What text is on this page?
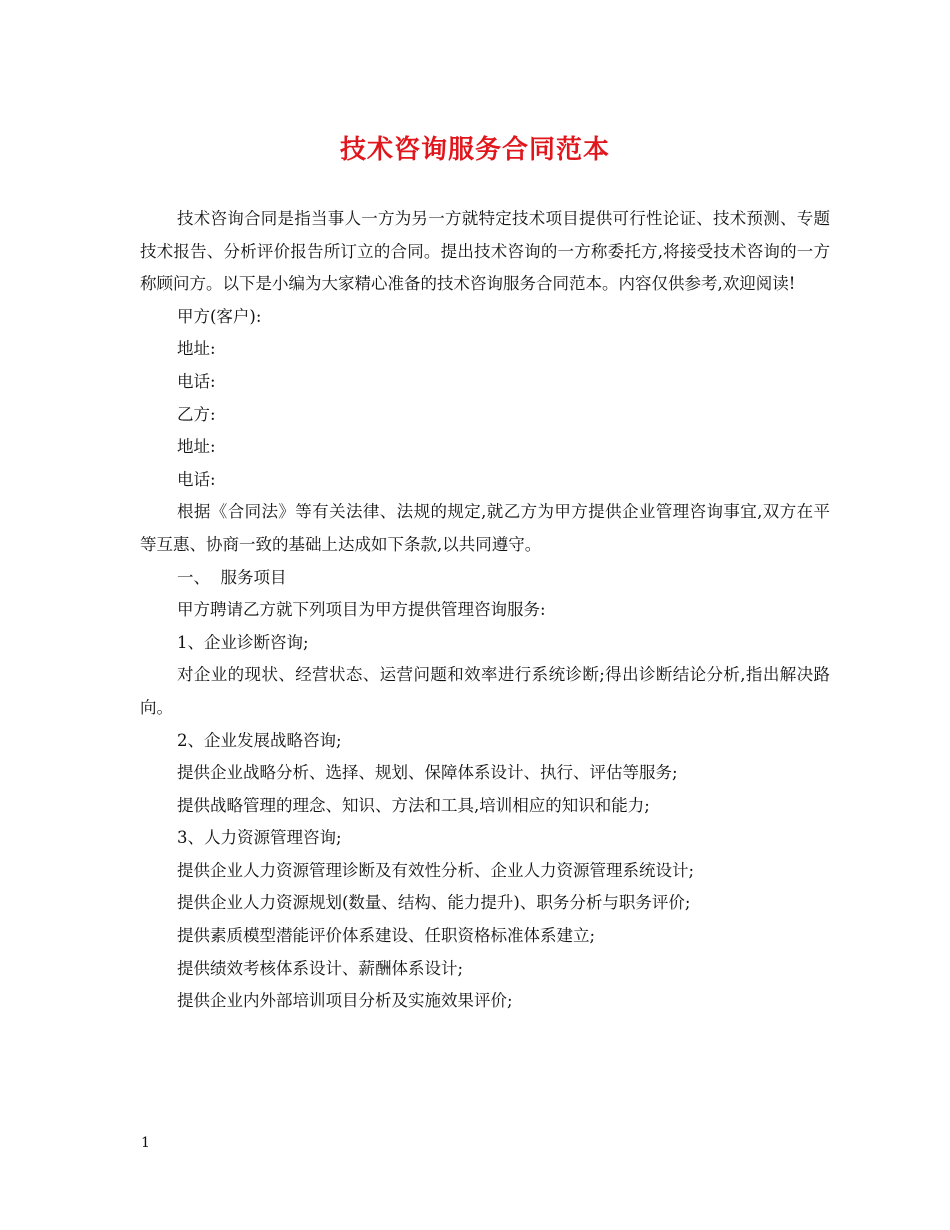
技术咨询服务合同范本

技术咨询合同是指当事人一方为另一方就特定技术项目提供可行性论证、技术预测、专题技术报告、分析评价报告所订立的合同。提出技术咨询的一方称委托方,将接受技术咨询的一方称顾问方。以下是小编为大家精心准备的技术咨询服务合同范本。内容仅供参考,欢迎阅读!

甲方(客户):

地址:

电话:

乙方:

地址:

电话:

根据《合同法》等有关法律、法规的规定,就乙方为甲方提供企业管理咨询事宜,双方在平等互惠、协商一致的基础上达成如下条款,以共同遵守。

一、  服务项目

甲方聘请乙方就下列项目为甲方提供管理咨询服务:

1、企业诊断咨询;

对企业的现状、经营状态、运营问题和效率进行系统诊断;得出诊断结论分析,指出解决路向。

2、企业发展战略咨询;

提供企业战略分析、选择、规划、保障体系设计、执行、评估等服务;

提供战略管理的理念、知识、方法和工具,培训相应的知识和能力;

3、人力资源管理咨询;

提供企业人力资源管理诊断及有效性分析、企业人力资源管理系统设计;

提供企业人力资源规划(数量、结构、能力提升)、职务分析与职务评价;

提供素质模型潜能评价体系建设、任职资格标准体系建立;

提供绩效考核体系设计、薪酬体系设计;

提供企业内外部培训项目分析及实施效果评价;

1
